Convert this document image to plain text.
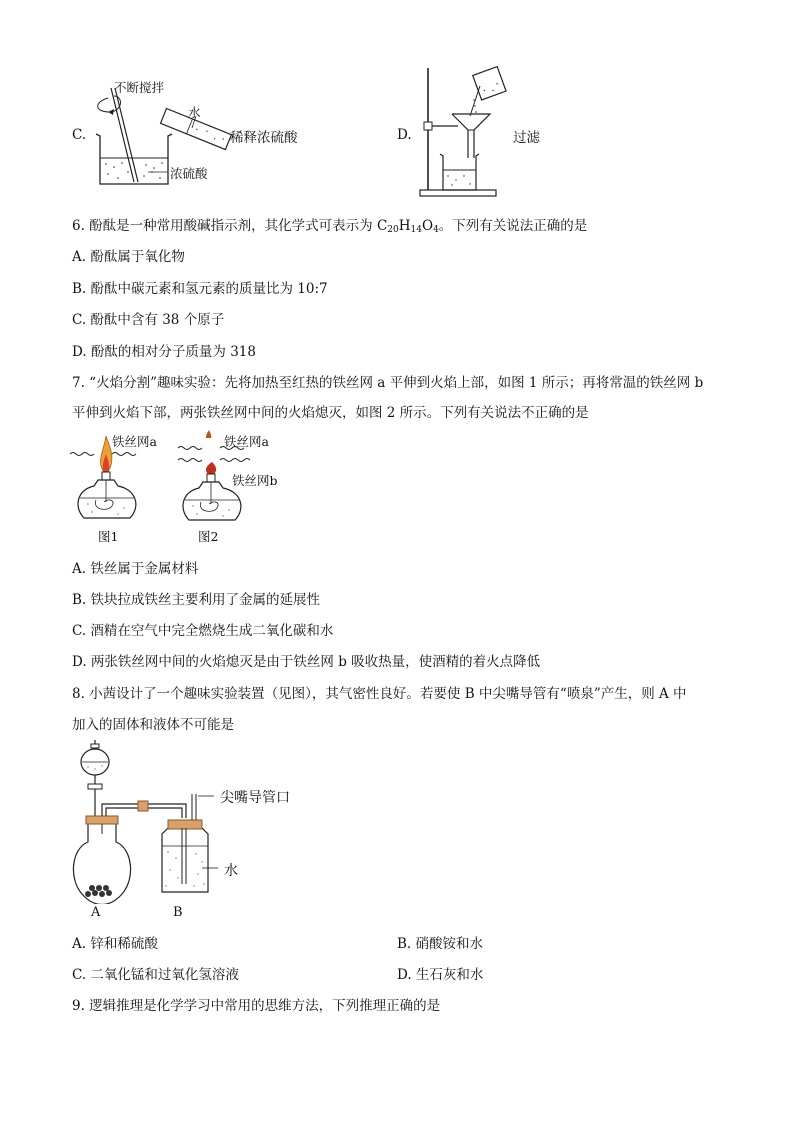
C.
不断搅拌
水
浓硫酸
稀释浓硫酸	D.	过滤
6. 酚酞是一种常用酸碱指示剂，其化学式可表示为 $C_{20}H_{14}O_4$。下列有关说法正确的是
A. 酚酞属于氧化物
B. 酚酞中碳元素和氢元素的质量比为 10:7
C. 酚酞中含有 38 个原子
D. 酚酞的相对分子质量为 318
7. “火焰分割”趣味实验：先将加热至红热的铁丝网 a 平伸到火焰上部，如图 1 所示；再将常温的铁丝网 b
平伸到火焰下部，两张铁丝网中间的火焰熄灭，如图 2 所示。下列有关说法不正确的是
铁丝网a
图1
铁丝网a
铁丝网b
图2
A. 铁丝属于金属材料
B. 铁块拉成铁丝主要利用了金属的延展性
C. 酒精在空气中完全燃烧生成二氧化碳和水
D. 两张铁丝网中间的火焰熄灭是由于铁丝网 b 吸收热量，使酒精的着火点降低
8. 小茜设计了一个趣味实验装置（见图），其气密性良好。若要使 B 中尖嘴导管有“喷泉”产生，则 A 中
加入的固体和液体不可能是
尖嘴导管口
水
A	B
A. 锌和稀硫酸	B. 硝酸铵和水
C. 二氧化锰和过氧化氢溶液	D. 生石灰和水
9. 逻辑推理是化学学习中常用的思维方法，下列推理正确的是
